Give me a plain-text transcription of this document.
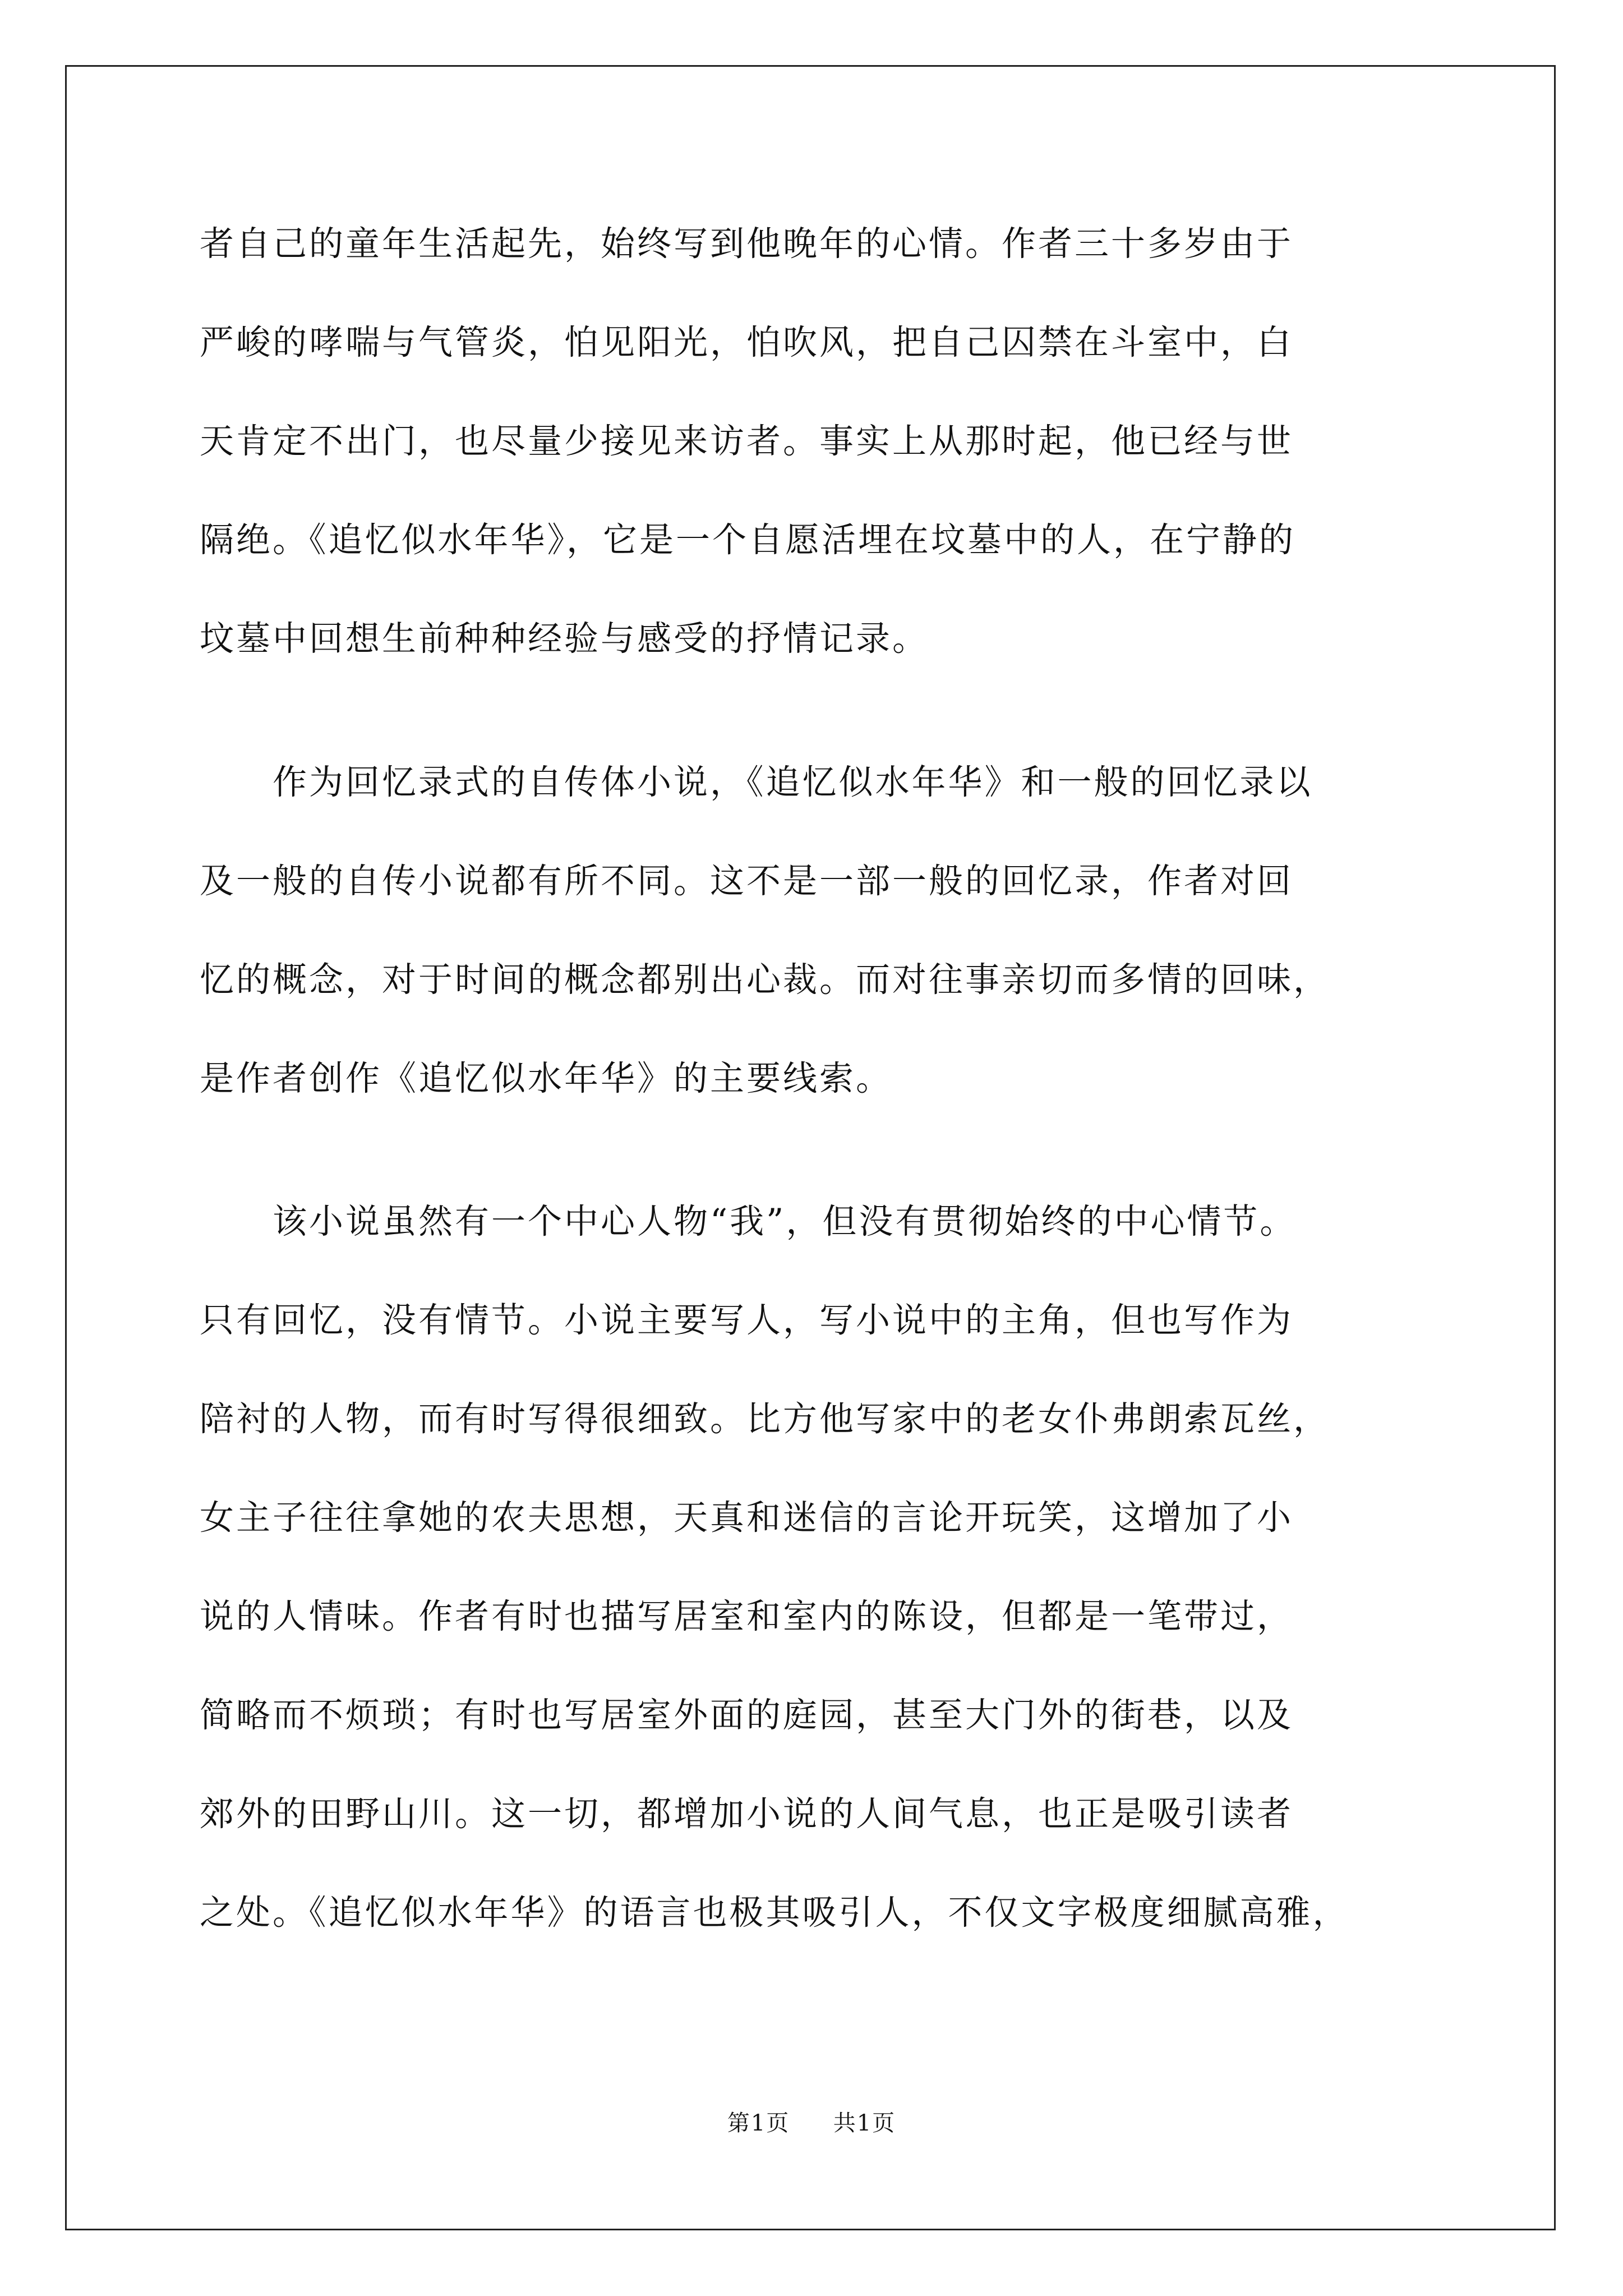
者自己的童年生活起先，始终写到他晚年的心情。作者三十多岁由于
严峻的哮喘与气管炎，怕见阳光，怕吹风，把自己囚禁在斗室中，白
天肯定不出门，也尽量少接见来访者。事实上从那时起，他已经与世
隔绝。《追忆似水年华》，它是一个自愿活埋在坟墓中的人，在宁静的
坟墓中回想生前种种经验与感受的抒情记录。
　　作为回忆录式的自传体小说，《追忆似水年华》和一般的回忆录以
及一般的自传小说都有所不同。这不是一部一般的回忆录，作者对回
忆的概念，对于时间的概念都别出心裁。而对往事亲切而多情的回味，
是作者创作《追忆似水年华》的主要线索。
　　该小说虽然有一个中心人物“我”，但没有贯彻始终的中心情节。
只有回忆，没有情节。小说主要写人，写小说中的主角，但也写作为
陪衬的人物，而有时写得很细致。比方他写家中的老女仆弗朗索瓦丝，
女主子往往拿她的农夫思想，天真和迷信的言论开玩笑，这增加了小
说的人情味。作者有时也描写居室和室内的陈设，但都是一笔带过，
简略而不烦琐；有时也写居室外面的庭园，甚至大门外的街巷，以及
郊外的田野山川。这一切，都增加小说的人间气息，也正是吸引读者
之处。《追忆似水年华》的语言也极其吸引人，不仅文字极度细腻高雅，
第1页 共1页
